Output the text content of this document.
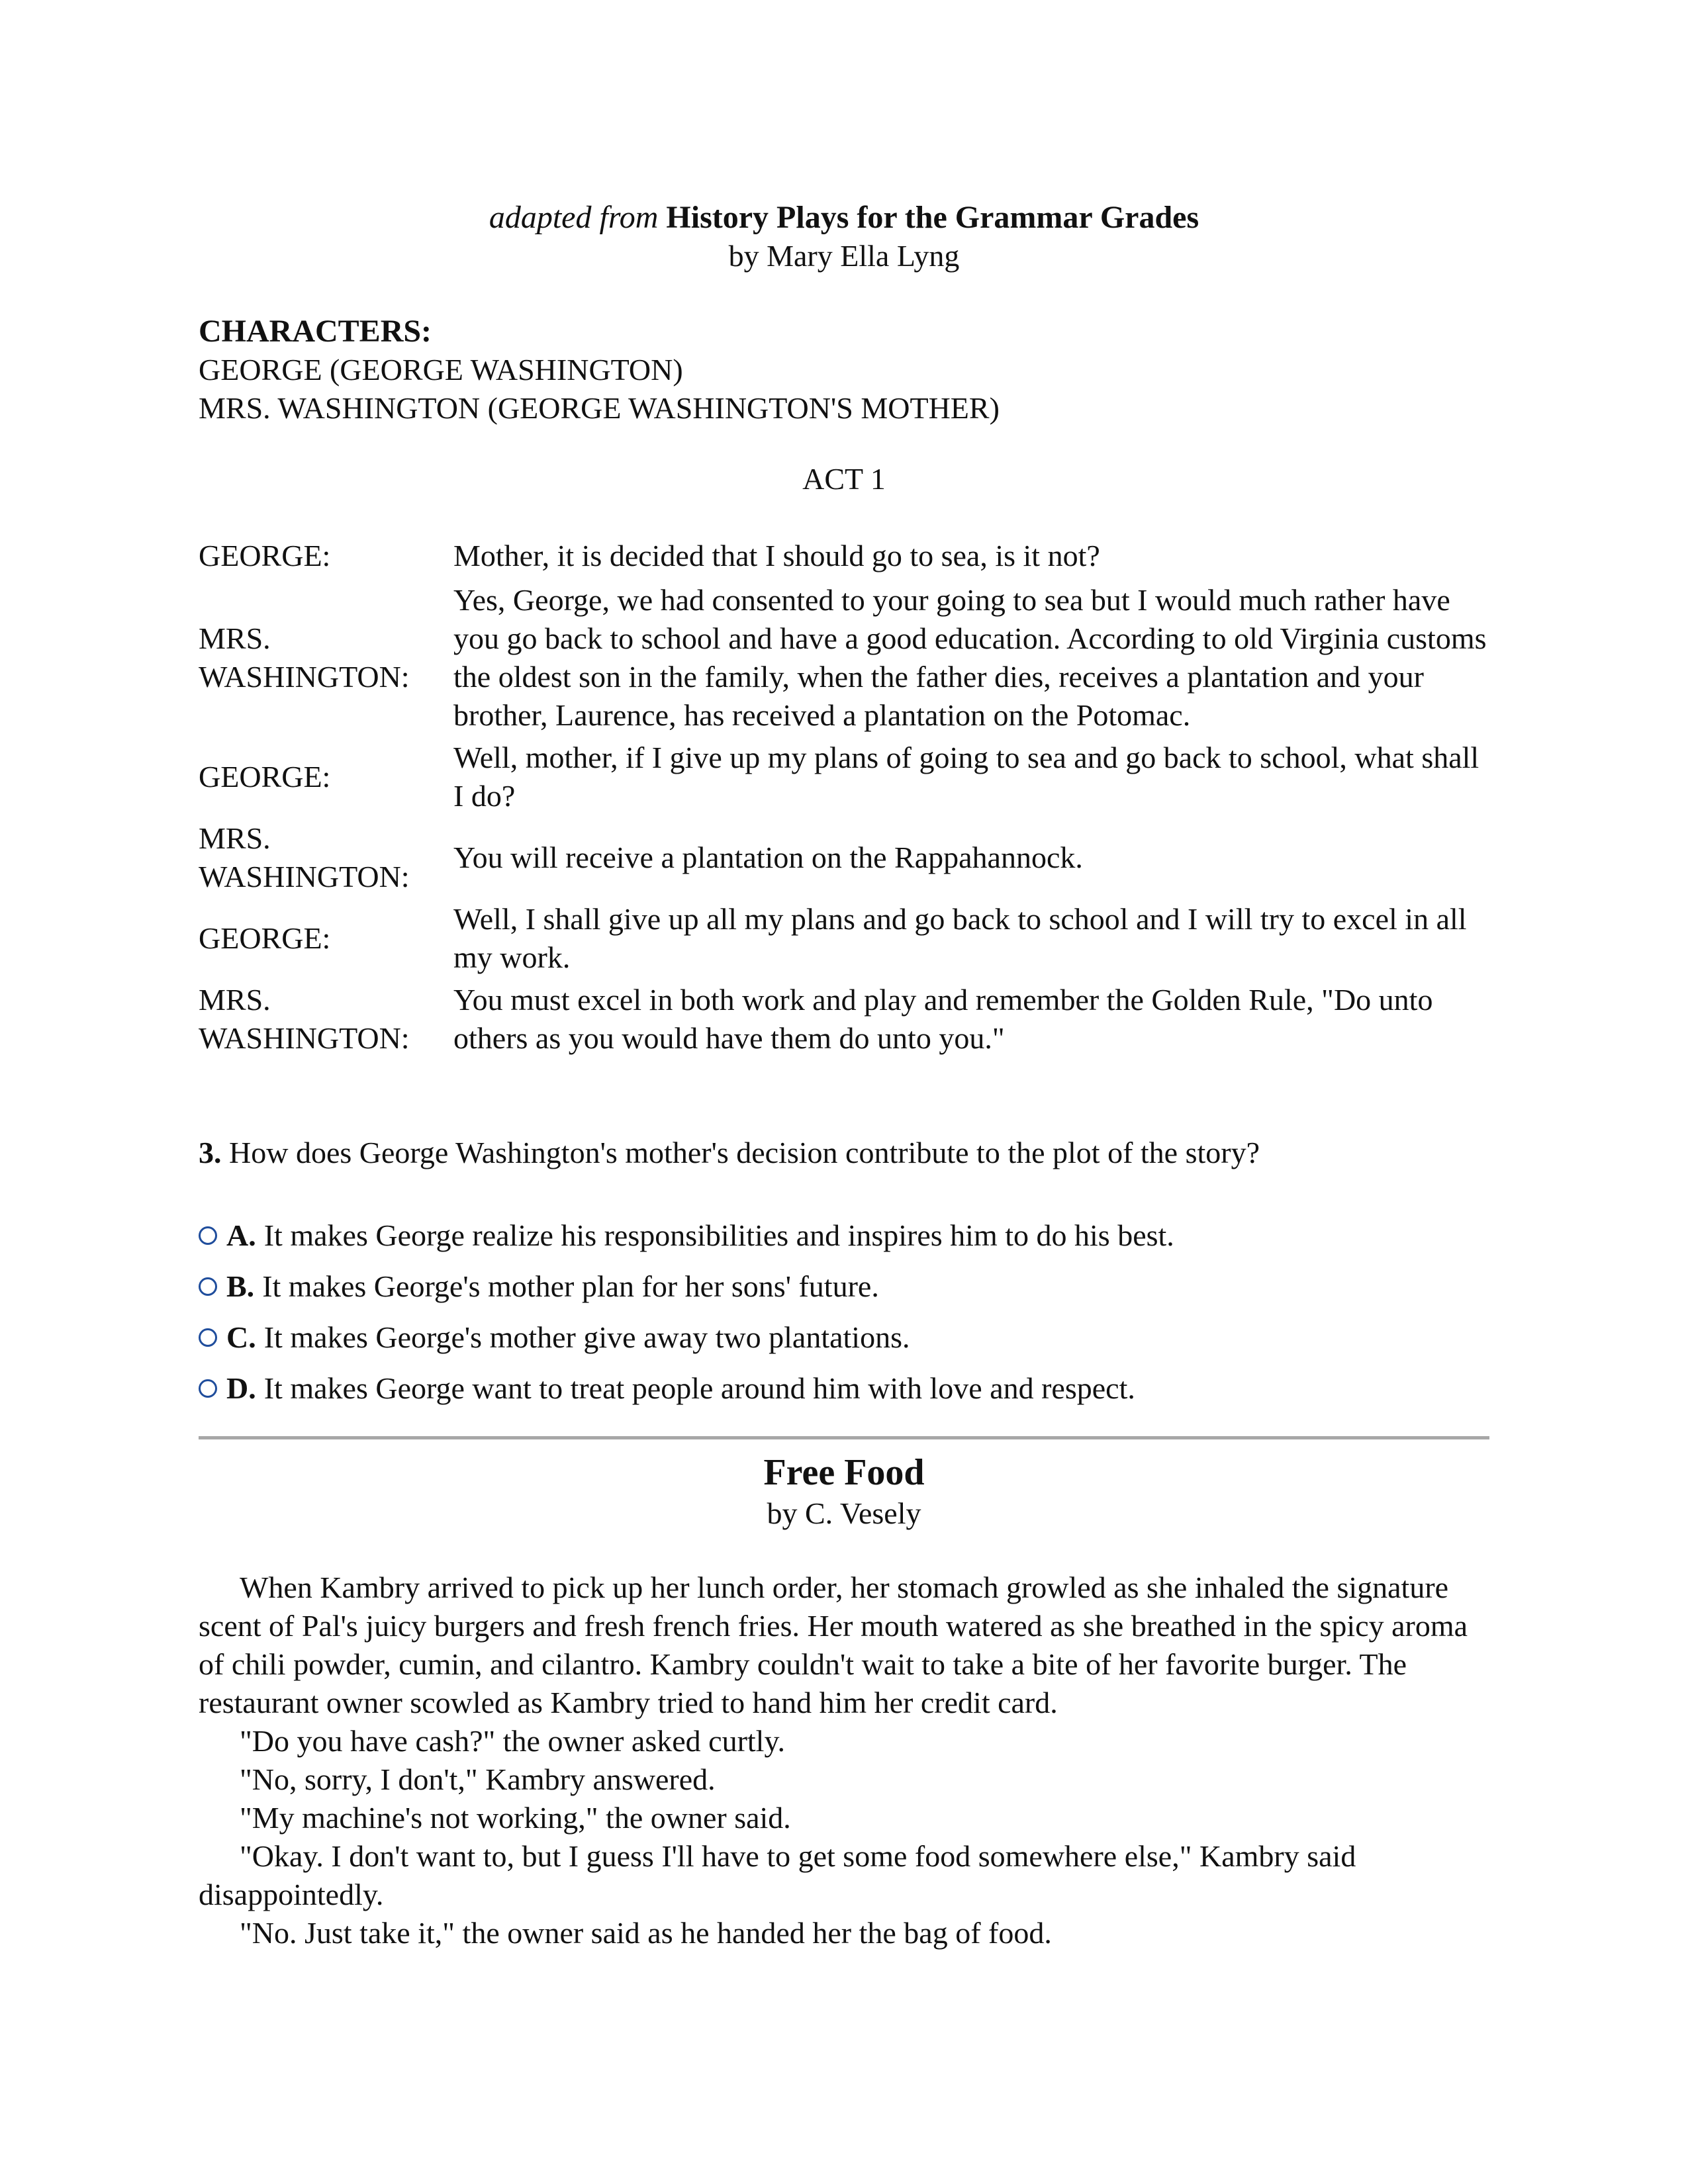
adapted from History Plays for the Grammar Grades
by Mary Ella Lyng
CHARACTERS:
GEORGE (GEORGE WASHINGTON)
MRS. WASHINGTON (GEORGE WASHINGTON'S MOTHER)
ACT 1
GEORGE:	Mother, it is decided that I should go to sea, is it not?
MRS. WASHINGTON:	Yes, George, we had consented to your going to sea but I would much rather have you go back to school and have a good education. According to old Virginia customs the oldest son in the family, when the father dies, receives a plantation and your brother, Laurence, has received a plantation on the Potomac.
GEORGE:	Well, mother, if I give up my plans of going to sea and go back to school, what shall I do?
MRS. WASHINGTON:	You will receive a plantation on the Rappahannock.
GEORGE:	Well, I shall give up all my plans and go back to school and I will try to excel in all my work.
MRS. WASHINGTON:	You must excel in both work and play and remember the Golden Rule, "Do unto others as you would have them do unto you."
3. How does George Washington's mother's decision contribute to the plot of the story?
A. It makes George realize his responsibilities and inspires him to do his best.
B. It makes George's mother plan for her sons' future.
C. It makes George's mother give away two plantations.
D. It makes George want to treat people around him with love and respect.
Free Food
by C. Vesely

When Kambry arrived to pick up her lunch order, her stomach growled as she inhaled the signature scent of Pal's juicy burgers and fresh french fries. Her mouth watered as she breathed in the spicy aroma of chili powder, cumin, and cilantro. Kambry couldn't wait to take a bite of her favorite burger. The restaurant owner scowled as Kambry tried to hand him her credit card.

"Do you have cash?" the owner asked curtly.

"No, sorry, I don't," Kambry answered.

"My machine's not working," the owner said.

"Okay. I don't want to, but I guess I'll have to get some food somewhere else," Kambry said disappointedly.

"No. Just take it," the owner said as he handed her the bag of food.
